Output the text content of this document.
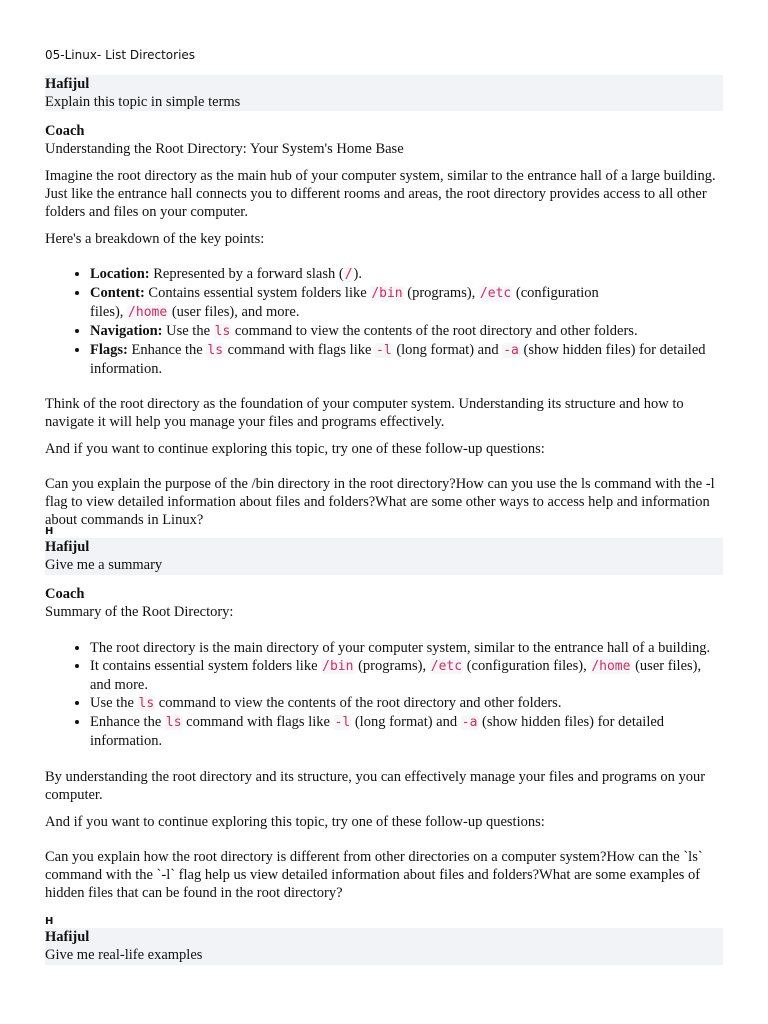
05-Linux- List Directories
Hafijul

Explain this topic in simple terms

Coach

Understanding the Root Directory: Your System's Home Base

Imagine the root directory as the main hub of your computer system, similar to the entrance hall of a large building. Just like the entrance hall connects you to different rooms and areas, the root directory provides access to all other folders and files on your computer.

Here's a breakdown of the key points:

• Location: Represented by a forward slash (/).
• Content: Contains essential system folders like /bin (programs), /etc (configuration files), /home (user files), and more.
• Navigation: Use the ls command to view the contents of the root directory and other folders.
• Flags: Enhance the ls command with flags like -l (long format) and -a (show hidden files) for detailed information.

Think of the root directory as the foundation of your computer system. Understanding its structure and how to navigate it will help you manage your files and programs effectively.

And if you want to continue exploring this topic, try one of these follow-up questions:

Can you explain the purpose of the /bin directory in the root directory?How can you use the ls command with the -l flag to view detailed information about files and folders?What are some other ways to access help and information about commands in Linux?

H
Hafijul

Give me a summary

Coach

Summary of the Root Directory:

• The root directory is the main directory of your computer system, similar to the entrance hall of a building.
• It contains essential system folders like /bin (programs), /etc (configuration files), /home (user files), and more.
• Use the ls command to view the contents of the root directory and other folders.
• Enhance the ls command with flags like -l (long format) and -a (show hidden files) for detailed information.

By understanding the root directory and its structure, you can effectively manage your files and programs on your computer.

And if you want to continue exploring this topic, try one of these follow-up questions:

Can you explain how the root directory is different from other directories on a computer system?How can the `ls` command with the `-l` flag help us view detailed information about files and folders?What are some examples of hidden files that can be found in the root directory?

H
Hafijul

Give me real-life examples
